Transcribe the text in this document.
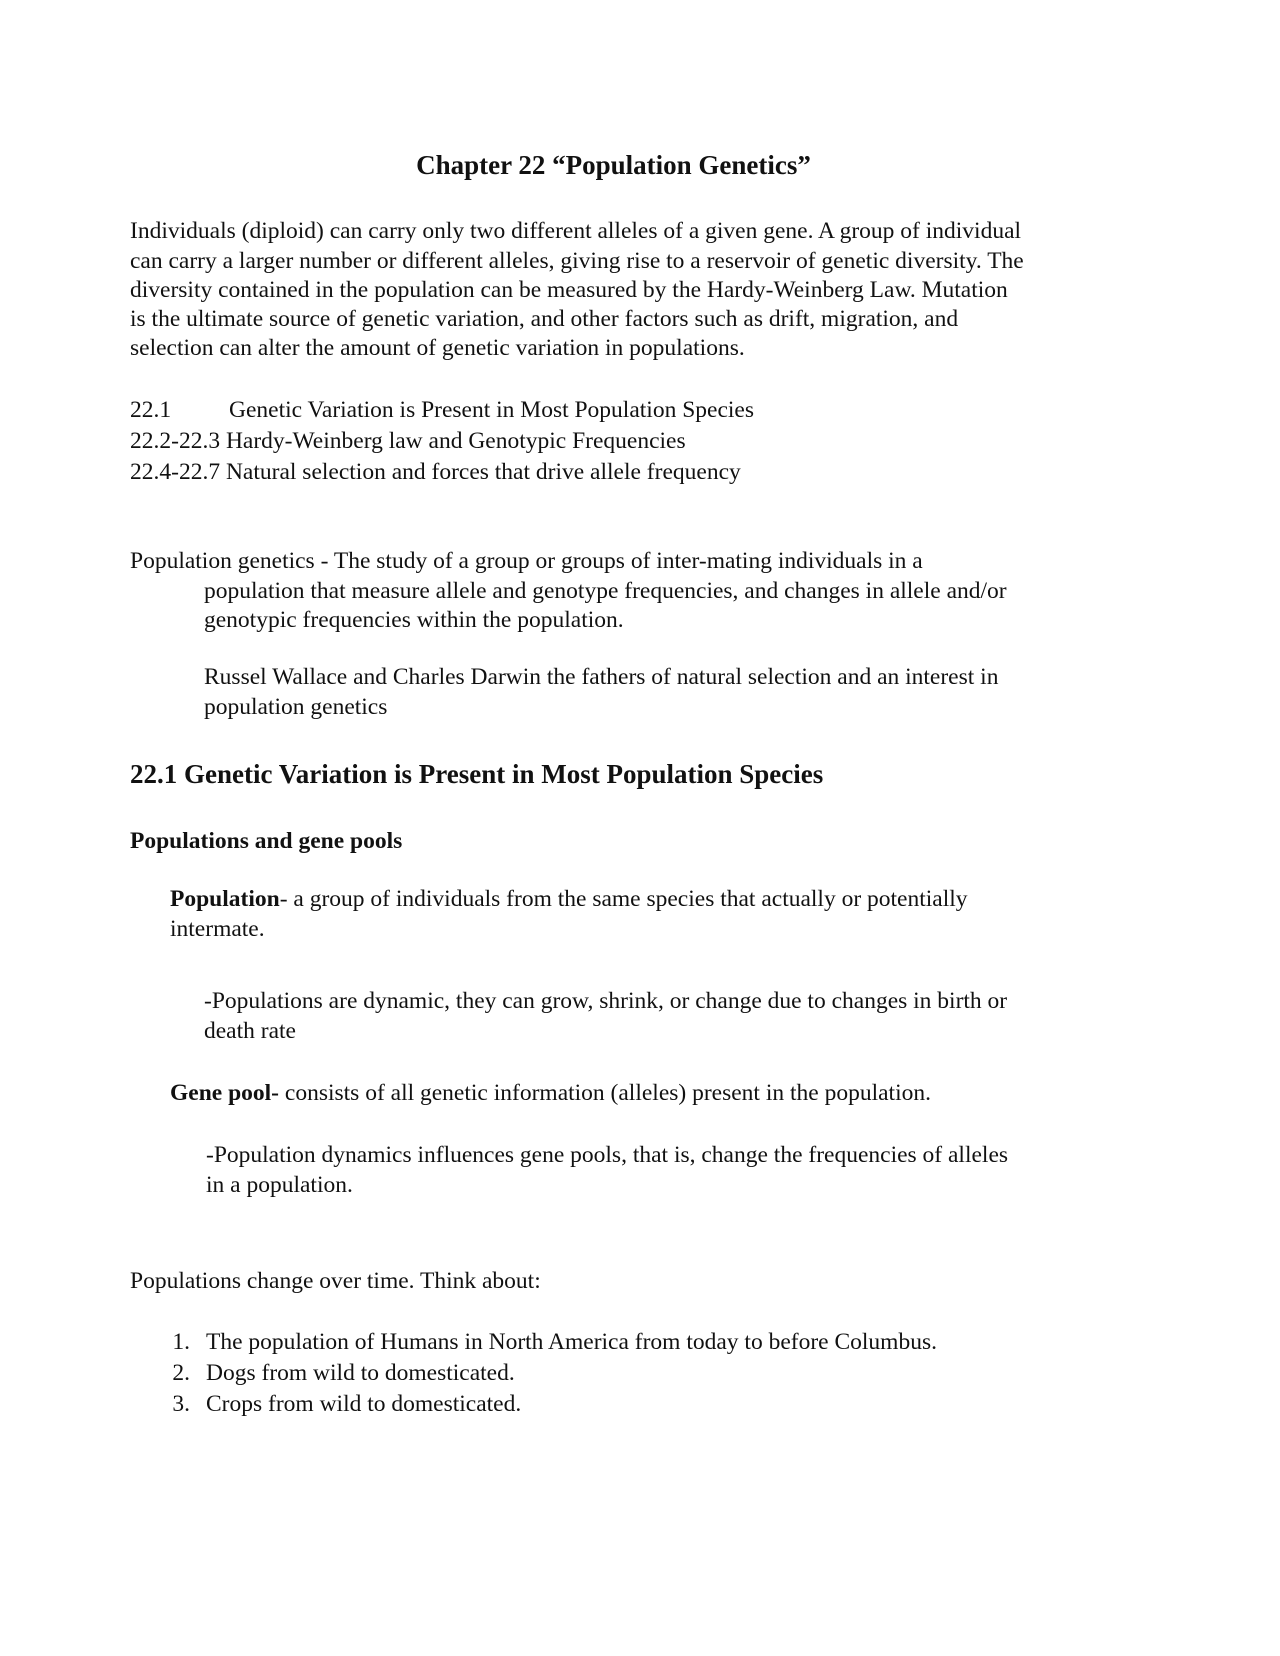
Chapter 22 “Population Genetics”

Individuals (diploid) can carry only two different alleles of a given gene. A group of individual

can carry a larger number or different alleles, giving rise to a reservoir of genetic diversity. The

diversity contained in the population can be measured by the Hardy-Weinberg Law. Mutation

is the ultimate source of genetic variation, and other factors such as drift, migration, and

selection can alter the amount of genetic variation in populations.

22.1 Genetic Variation is Present in Most Population Species

22.2-22.3 Hardy-Weinberg law and Genotypic Frequencies

22.4-22.7 Natural selection and forces that drive allele frequency

Population genetics - The study of a group or groups of inter-mating individuals in a

population that measure allele and genotype frequencies, and changes in allele and/or

genotypic frequencies within the population.

Russel Wallace and Charles Darwin the fathers of natural selection and an interest in

population genetics

22.1 Genetic Variation is Present in Most Population Species
Populations and gene pools

Population- a group of individuals from the same species that actually or potentially

intermate.

-Populations are dynamic, they can grow, shrink, or change due to changes in birth or

death rate

Gene pool- consists of all genetic information (alleles) present in the population.

-Population dynamics influences gene pools, that is, change the frequencies of alleles

in a population.

Populations change over time. Think about:

1. The population of Humans in North America from today to before Columbus.
2. Dogs from wild to domesticated.
3. Crops from wild to domesticated.
